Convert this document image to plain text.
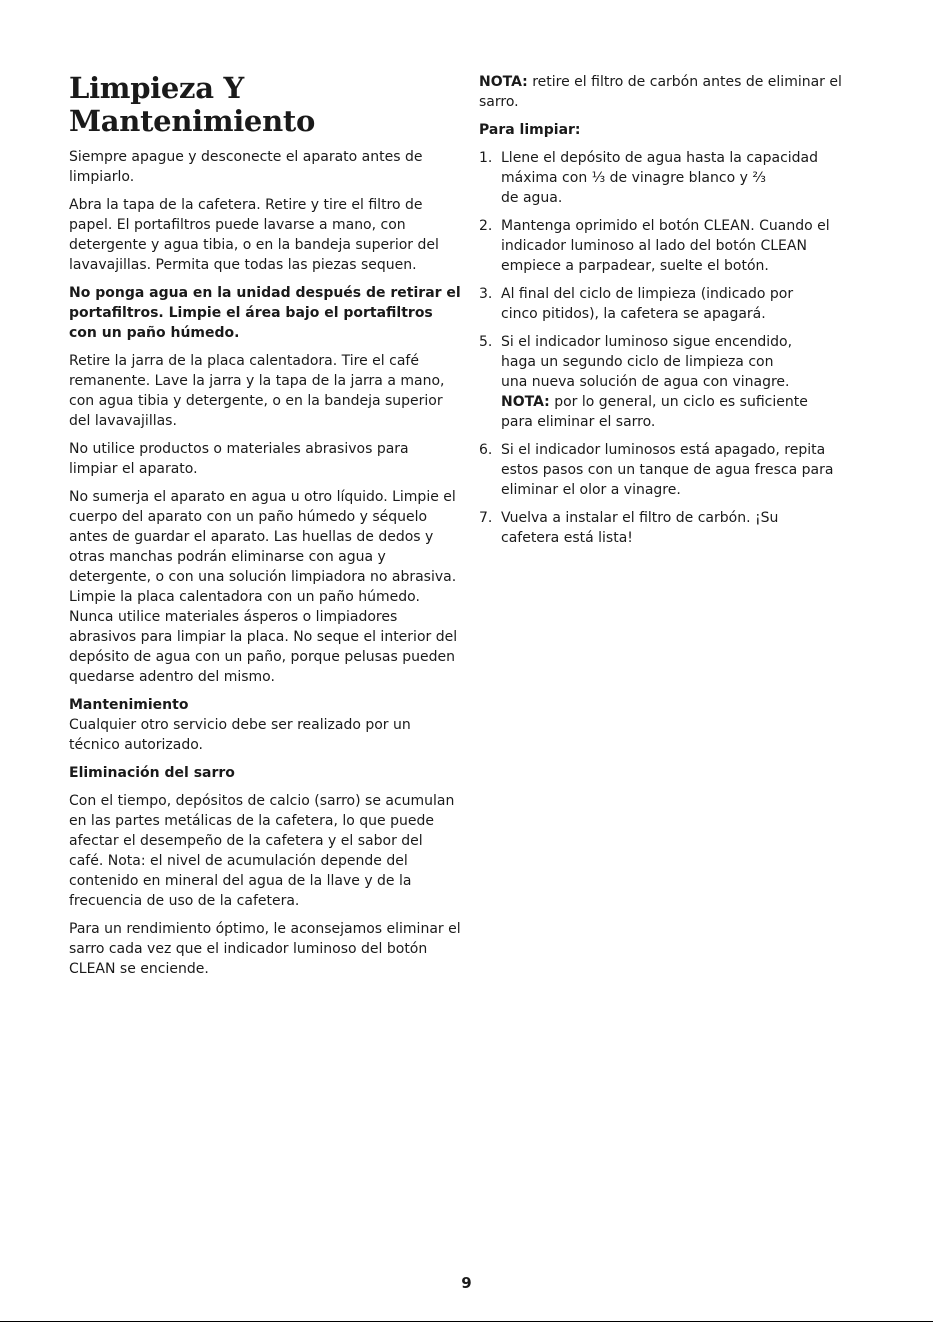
Limpieza Y
Mantenimiento

Siempre apague y desconecte el aparato antes de limpiarlo.

Abra la tapa de la cafetera. Retire y tire el filtro de papel. El portafiltros puede lavarse a mano, con detergente y agua tibia, o en la bandeja superior del lavavajillas. Permita que todas las piezas sequen.

No ponga agua en la unidad después de retirar el portafiltros. Limpie el área bajo el portafiltros con un paño húmedo.

Retire la jarra de la placa calentadora. Tire el café remanente. Lave la jarra y la tapa de la jarra a mano, con agua tibia y detergente, o en la bandeja superior del lavavajillas.

No utilice productos o materiales abrasivos para limpiar el aparato.

No sumerja el aparato en agua u otro líquido. Limpie el cuerpo del aparato con un paño húmedo y séquelo antes de guardar el aparato. Las huellas de dedos y otras manchas podrán eliminarse con agua y detergente, o con una solución limpiadora no abrasiva. Limpie la placa calentadora con un paño húmedo. Nunca utilice materiales ásperos o limpiadores abrasivos para limpiar la placa. No seque el interior del depósito de agua con un paño, porque pelusas pueden quedarse adentro del mismo.

Mantenimiento

Cualquier otro servicio debe ser realizado por un técnico autorizado.

Eliminación del sarro

Con el tiempo, depósitos de calcio (sarro) se acumulan en las partes metálicas de la cafetera, lo que puede afectar el desempeño de la cafetera y el sabor del café. Nota: el nivel de acumulación depende del contenido en mineral del agua de la llave y de la frecuencia de uso de la cafetera.

Para un rendimiento óptimo, le aconsejamos eliminar el sarro cada vez que el indicador luminoso del botón CLEAN se enciende.

NOTA: retire el filtro de carbón antes de eliminar el sarro.

Para limpiar:

1. Llene el depósito de agua hasta la capacidad
máxima con ⅓ de vinagre blanco y ⅔
de agua.
2. Mantenga oprimido el botón CLEAN. Cuando el
indicador luminoso al lado del botón CLEAN
empiece a parpadear, suelte el botón.
3. Al final del ciclo de limpieza (indicado por
cinco pitidos), la cafetera se apagará.
5. Si el indicador luminoso sigue encendido,
haga un segundo ciclo de limpieza con
una nueva solución de agua con vinagre.
NOTA: por lo general, un ciclo es suficiente
para eliminar el sarro.
6. Si el indicador luminosos está apagado, repita
estos pasos con un tanque de agua fresca para
eliminar el olor a vinagre.
7. Vuelva a instalar el filtro de carbón. ¡Su
cafetera está lista!
9
